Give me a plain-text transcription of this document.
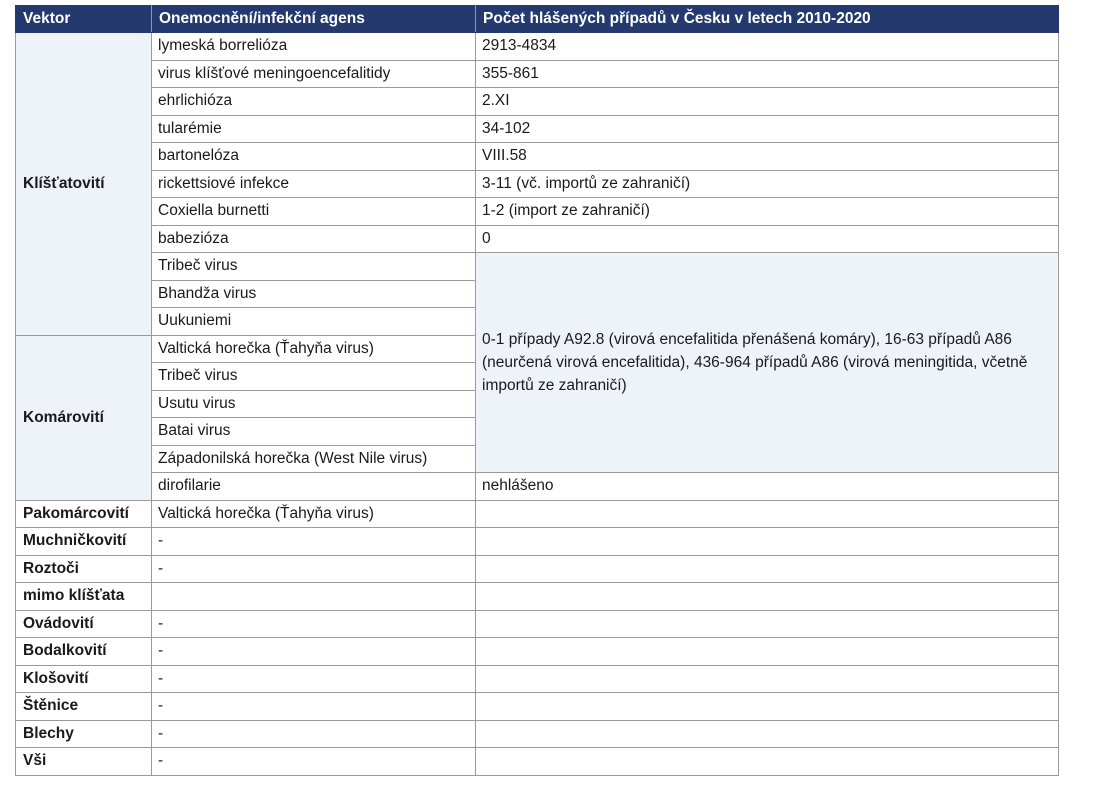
Vektor	Onemocnění/infekční agens	Počet hlášených případů v Česku v letech 2010-2020	
Klíšťatovití	lymeská borrelióza	2913-4834	
	virus klíšťové meningoencefalitidy	355-861	
	ehrlichióza	2.XI	
	tularémie	34-102	
	bartonelóza	VIII.58	
	rickettsiové infekce	3-11 (vč. importů ze zahraničí)	
	Coxiella burnetti	1-2 (import ze zahraničí)	
	babezióza	0	
	Tribeč virus	0-1 případy A92.8 (virová encefalitida přenášená komáry), 16-63 případů A86 (neurčená virová encefalitida), 436-964 případů A86 (virová meningitida, včetně importů ze zahraničí)	
	Bhandža virus		
	Uukuniemi		
Komárovití	Valtická horečka (Ťahyňa virus)		
	Tribeč virus		
	Usutu virus		
	Batai virus		
	Západonilská horečka (West Nile virus)	
	dirofilarie	nehlášeno	
Pakomárcovití	Valtická horečka (Ťahyňa virus)		
Muchničkovití	-		
Roztoči	-		
mimo klíšťata			
Ovádovití	-		
Bodalkovití	-		
Klošovití	-		
Štěnice	-		
Blechy	-		
Vši	-		
